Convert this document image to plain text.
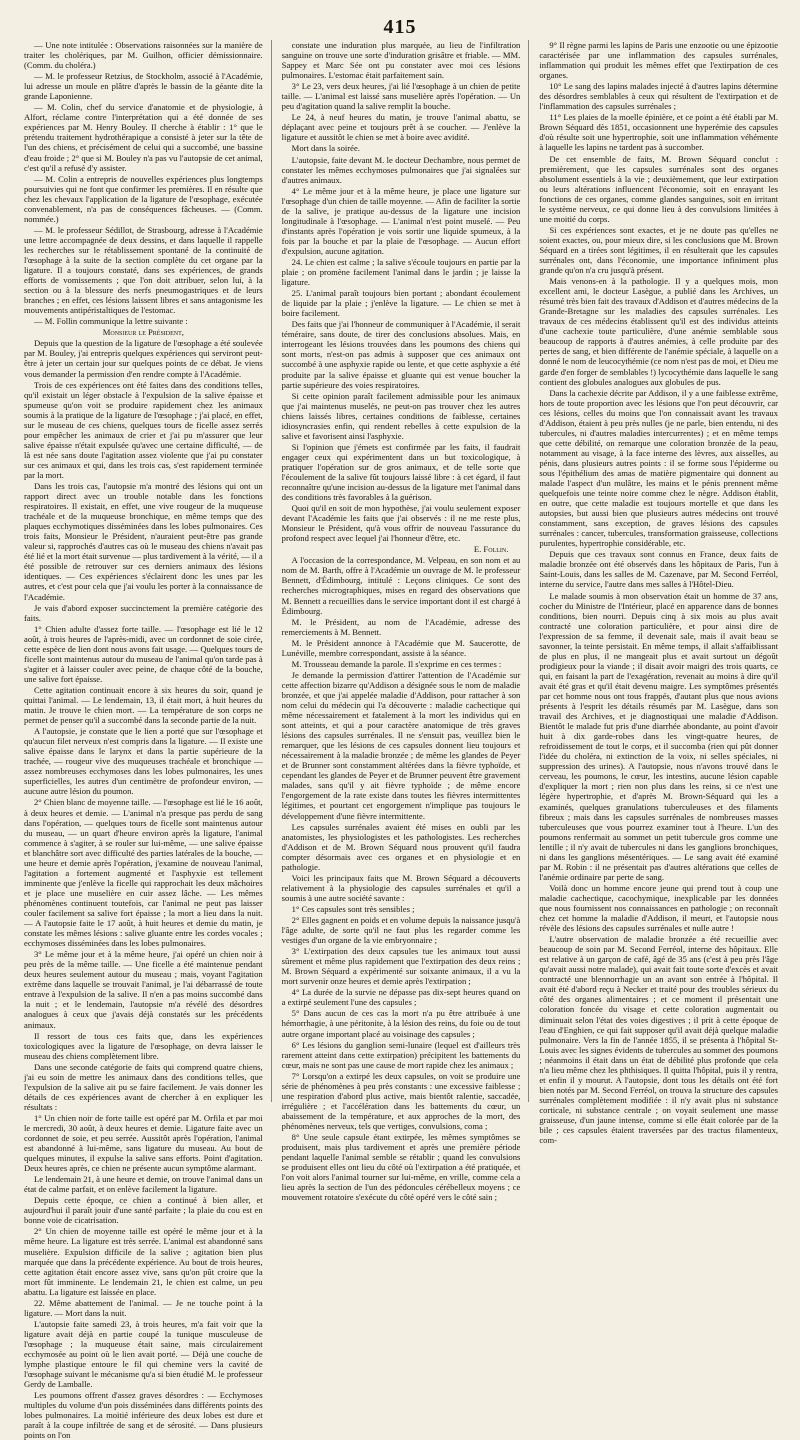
415

— Une note intitulée : Observations raisonnées sur la manière de traiter les cholériques, par M. Guilhon, officier démissionnaire. (Comm. du choléra.)

— M. le professeur Retzius, de Stockholm, associé à l'Académie, lui adresse un moule en plâtre d'après le bassin de la géante dite la grande Laponienne.

— M. Colin, chef du service d'anatomie et de physiologie, à Alfort, réclame contre l'interprétation qui a été donnée de ses expériences par M. Henry Bouley. Il cherche à établir : 1° que le prétendu traitement hydrothérapique a consisté à jeter sur la tête de l'un des chiens, et précisément de celui qui a succombé, une bassine d'eau froide ; 2° que si M. Bouley n'a pas vu l'autopsie de cet animal, c'est qu'il a refusé d'y assister.

— M. Colin a entrepris de nouvelles expériences plus longtemps poursuivies qui ne font que confirmer les premières. Il en résulte que chez les chevaux l'application de la ligature de l'œsophage, exécutée convenablement, n'a pas de conséquences fâcheuses. — (Comm. nommée.)

— M. le professeur Sédillot, de Strasbourg, adresse à l'Académie une lettre accompagnée de deux dessins, et dans laquelle il rappelle les recherches sur le rétablissement spontané de la continuité de l'œsophage à la suite de la section complète du cet organe par la ligature. Il a toujours constaté, dans ses expériences, de grands efforts de vomissements ; que l'on doit attribuer, selon lui, à la section ou à la blessure des nerfs pneumogastriques et de leurs branches ; en effet, ces lésions laissent libres et sans antagonisme les mouvements antipéristaltiques de l'estomac.

— M. Follin communique la lettre suivante :

Monsieur le Président,

Depuis que la question de la ligature de l'œsophage a été soulevée par M. Bouley, j'ai entrepris quelques expériences qui serviront peut-être à jeter un certain jour sur quelques points de ce débat. Je viens vous demander la permission d'en rendre compte à l'Académie.

Trois de ces expériences ont été faites dans des conditions telles, qu'il existait un léger obstacle à l'expulsion de la salive épaisse et spumeuse qu'on voit se produire rapidement chez les animaux soumis à la pratique de la ligature de l'œsophage ; j'ai placé, en effet, sur le museau de ces chiens, quelques tours de ficelle assez serrés pour empêcher les animaux de crier et j'ai pu m'assurer que leur salive épaisse n'était expulsée qu'avec une certaine difficulté, — de là est née sans doute l'agitation assez violente que j'ai pu constater sur ces animaux et qui, dans les trois cas, s'est rapidement terminée par la mort.

Dans les trois cas, l'autopsie m'a montré des lésions qui ont un rapport direct avec un trouble notable dans les fonctions respiratoires. Il existait, en effet, une vive rougeur de la muqueuse trachéale et de la muqueuse bronchique, en même temps que des plaques ecchymotiques disséminées dans les lobes pulmonaires. Ces trois faits, Monsieur le Président, n'auraient peut-être pas grande valeur si, rapprochés d'autres cas où le museau des chiens n'avait pas été lié et la mort était survenue — plus tardivement à la vérité, — il a été possible de retrouver sur ces derniers animaux des lésions identiques. — Ces expériences s'éclairent donc les unes par les autres, et c'est pour cela que j'ai voulu les porter à la connaissance de l'Académie.

Je vais d'abord exposer succinctement la première catégorie des faits.

1° Chien adulte d'assez forte taille. — l'œsophage est lié le 12 août, à trois heures de l'après-midi, avec un cordonnet de soie cirée, cette espèce de lien dont nous avons fait usage. — Quelques tours de ficelle sont maintenus autour du museau de l'animal qu'on tarde pas à s'agiter et à laisser couler avec peine, de chaque côté de la bouche, une salive fort épaisse.

Cette agitation continuait encore à six heures du soir, quand je quittai l'animal. — Le lendemain, 13, il était mort, à huit heures du matin. Je trouve le chien mort. — La température de son corps ne permet de penser qu'il a succombé dans la seconde partie de la nuit.

A l'autopsie, je constate que le lien a porté que sur l'œsophage et qu'aucun filet nerveux n'est compris dans la ligature. — Il existe une salive épaisse dans le larynx et dans la partie supérieure de la trachée, — rougeur vive des muqueuses trachéale et bronchique — assez nombreuses ecchymoses dans les lobes pulmonaires, les unes superficielles, les autres d'un centimètre de profondeur environ, — aucune autre lésion du poumon.

2° Chien blanc de moyenne taille. — l'œsophage est lié le 16 août, à deux heures et demie. — L'animal n'a presque pas perdu de sang dans l'opération, — quelques tours de ficelle sont maintenus autour du museau, — un quart d'heure environ après la ligature, l'animal commence à s'agiter, à se rouler sur lui-même, — une salive épaisse et blanchâtre sort avec difficulté des parties latérales de la bouche, — une heure et demie après l'opération, j'examine de nouveau l'animal, l'agitation a fortement augmenté et l'asphyxie est tellement imminente que j'enlève la ficelle qui rapprochait les deux mâchoires et je place une muselière en cuir assez lâche. — Les mêmes phénomènes continuent toutefois, car l'animal ne peut pas laisser couler facilement sa salive fort épaisse ; la mort a lieu dans la nuit. — A l'autopsie faite le 17 août, à huit heures et demie du matin, je constate les mêmes lésions : salive gluante entre les cordes vocales ; ecchymoses disséminées dans les lobes pulmonaires.

3° Le même jour et à la même heure, j'ai opéré un chien noir à peu près de la même taille. — Une ficelle a été maintenue pendant deux heures seulement autour du museau ; mais, voyant l'agitation extrême dans laquelle se trouvait l'animal, je l'ai débarrassé de toute entrave à l'expulsion de la salive. Il n'en a pas moins succombé dans la nuit ; et le lendemain, l'autopsie m'a révélé des désordres analogues à ceux que j'avais déjà constatés sur les précédents animaux.

Il ressort de tous ces faits que, dans les expériences toxicologiques avec la ligature de l'œsophage, on devra laisser le museau des chiens complètement libre.

Dans une seconde catégorie de faits qui comprend quatre chiens, j'ai eu soin de mettre les animaux dans des conditions telles, que l'expulsion de la salive ait pu se faire facilement. Je vais donner les détails de ces expériences avant de chercher à en expliquer les résultats :

1° Un chien noir de forte taille est opéré par M. Orfila et par moi le mercredi, 30 août, à deux heures et demie. Ligature faite avec un cordonnet de soie, et peu serrée. Aussitôt après l'opération, l'animal est abandonné à lui-même, sans ligature du museau. Au bout de quelques minutes, il expulse la salive sans efforts. Point d'agitation. Deux heures après, ce chien ne présente aucun symptôme alarmant.

Le lendemain 21, à une heure et demie, on trouve l'animal dans un état de calme parfait, et on enlève facilement la ligature.

Depuis cette époque, ce chien a continué à bien aller, et aujourd'hui il paraît jouir d'une santé parfaite ; la plaie du cou est en bonne voie de cicatrisation.

2° Un chien de moyenne taille est opéré le même jour et à la même heure. La ligature est très serrée. L'animal est abandonné sans muselière. Expulsion difficile de la salive ; agitation bien plus marquée que dans la précédente expérience. Au bout de trois heures, cette agitation était encore assez vive, sans qu'on pût croire que la mort fût imminente. Le lendemain 21, le chien est calme, un peu abattu. La ligature est laissée en place.

22. Même abattement de l'animal. — Je ne touche point à la ligature. — Mort dans la nuit.

L'autopsie faite samedi 23, à trois heures, m'a fait voir que la ligature avait déjà en partie coupé la tunique musculeuse de l'œsophage ; la muqueuse était saine, mais circulairement ecchymosée au point où le lien avait porté. — Déjà une couche de lymphe plastique entoure le fil qui chemine vers la cavité de l'œsophage suivant le mécanisme qu'a si bien étudié M. le professeur Gerdy de Lamballe.

Les poumons offrent d'assez graves désordres : — Ecchymoses multiples du volume d'un pois disséminées dans différents points des lobes pulmonaires. La moitié inférieure des deux lobes est dure et paraît à la coupe infiltrée de sang et de sérosité. — Dans plusieurs points on l'on

constate une induration plus marquée, au lieu de l'infiltration sanguine on trouve une sorte d'induration grisâtre et friable. — MM. Sappey et Marc Sée ont pu constater avec moi ces lésions pulmonaires. L'estomac était parfaitement sain.

3° Le 23, vers deux heures, j'ai lié l'œsophage à un chien de petite taille. — L'animal est laissé sans muselière après l'opération. — Un peu d'agitation quand la salive remplit la bouche.

Le 24, à neuf heures du matin, je trouve l'animal abattu, se déplaçant avec peine et toujours prêt à se coucher. — J'enlève la ligature et aussitôt le chien se met à boire avec avidité.

Mort dans la soirée.

L'autopsie, faite devant M. le docteur Dechambre, nous permet de constater les mêmes ecchymoses pulmonaires que j'ai signalées sur d'autres animaux.

4° Le même jour et à la même heure, je place une ligature sur l'œsophage d'un chien de taille moyenne. — Afin de faciliter la sortie de la salive, je pratique au-dessus de la ligature une incision longitudinale à l'œsophage. — L'animal n'est point muselé. — Peu d'instants après l'opération je vois sortir une liquide spumeux, à la fois par la bouche et par la plaie de l'œsophage. — Aucun effort d'expulsion, aucune agitation.

24. Le chien est calme ; la salive s'écoule toujours en partie par la plaie ; on promène facilement l'animal dans le jardin ; je laisse la ligature.

25. L'animal paraît toujours bien portant ; abondant écoulement de liquide par la plaie ; j'enlève la ligature. — Le chien se met à boire facilement.

Des faits que j'ai l'honneur de communiquer à l'Académie, il serait téméraire, sans doute, de tirer des conclusions absolues. Mais, en interrogeant les lésions trouvées dans les poumons des chiens qui sont morts, n'est-on pas admis à supposer que ces animaux ont succombé à une asphyxie rapide ou lente, et que cette asphyxie a été produite par la salive épaisse et gluante qui est venue boucher la partie supérieure des voies respiratoires.

Si cette opinion paraît facilement admissible pour les animaux que j'ai maintenus muselés, ne peut-on pas trouver chez les autres chiens laissés libres, certaines conditions de faiblesse, certaines idiosyncrasies enfin, qui rendent rebelles à cette expulsion de la salive et favorisent ainsi l'asphyxie.

Si l'opinion que j'émets est confirmée par les faits, il faudrait engager ceux qui expérimentent dans un but toxicologique, à pratiquer l'opération sur de gros animaux, et de telle sorte que l'écoulement de la salive fût toujours laissé libre : à cet égard, il faut reconnaître qu'une incision au-dessus de la ligature met l'animal dans des conditions très favorables à la guérison.

Quoi qu'il en soit de mon hypothèse, j'ai voulu seulement exposer devant l'Académie les faits que j'ai observés : il ne me reste plus, Monsieur le Président, qu'à vous offrir de nouveau l'assurance du profond respect avec lequel j'ai l'honneur d'être, etc.

E. Follin.

A l'occasion de la correspondance, M. Velpeau, en son nom et au nom de M. Barth, offre à l'Académie un ouvrage de M. le professeur Bennett, d'Édimbourg, intitulé : Leçons cliniques. Ce sont des recherches micrographiques, mises en regard des observations que M. Bennett a recueillies dans le service important dont il est chargé à Édimbourg.

M. le Président, au nom de l'Académie, adresse des remerciements à M. Bennett.

M. le Président annonce à l'Académie que M. Saucerotte, de Lunéville, membre correspondant, assiste à la séance.

M. Trousseau demande la parole. Il s'exprime en ces termes :

Je demande la permission d'attirer l'attention de l'Académie sur cette affection bizarre qu'Addison a désignée sous le nom de maladie bronzée, et que j'ai appelée maladie d'Addison, pour rattacher à son nom celui du médecin qui l'a découverte : maladie cachectique qui même nécessairement et fatalement à la mort les individus qui en sont atteints, et qui a pour caractère anatomique de très graves lésions des capsules surrénales. Il ne s'ensuit pas, veuillez bien le remarquer, que les lésions de ces capsules donnent lieu toujours et nécessairement à la maladie bronzée ; de même les glandes de Peyer et de Brunner sont constamment altérées dans la fièvre typhoïde, et cependant les glandes de Peyer et de Brunner peuvent être gravement malades, sans qu'il y ait fièvre typhoïde ; de même encore l'engorgement de la rate existe dans toutes les fièvres intermittentes légitimes, et pourtant cet engorgement n'implique pas toujours le développement d'une fièvre intermittente.

Les capsules surrénales avaient été mises en oubli par les anatomistes, les physiologistes et les pathologistes. Les recherches d'Addison et de M. Brown Séquard nous prouvent qu'il faudra compter désormais avec ces organes et en physiologie et en pathologie.

Voici les principaux faits que M. Brown Séquard a découverts relativement à la physiologie des capsules surrénales et qu'il a soumis à une autre société savante :

1° Ces capsules sont très sensibles ;

2° Elles gagnent en poids et en volume depuis la naissance jusqu'à l'âge adulte, de sorte qu'il ne faut plus les regarder comme les vestiges d'un organe de la vie embryonnaire ;

3° L'extirpation des deux capsules tue les animaux tout aussi sûrement et même plus rapidement que l'extirpation des deux reins ; M. Brown Séquard a expérimenté sur soixante animaux, il a vu la mort survenir onze heures et demie après l'extirpation ;

4° La durée de la survie ne dépasse pas dix-sept heures quand on a extirpé seulement l'une des capsules ;

5° Dans aucun de ces cas la mort n'a pu être attribuée à une hémorrhagie, à une péritonite, à la lésion des reins, du foie ou de tout autre organe important placé au voisinage des capsules ;

6° Les lésions du ganglion semi-lunaire (lequel est d'ailleurs très rarement atteint dans cette extirpation) précipitent les battements du cœur, mais ne sont pas une cause de mort rapide chez les animaux ;

7° Lorsqu'on a extirpé les deux capsules, on voit se produire une série de phénomènes à peu près constants : une excessive faiblesse ; une respiration d'abord plus active, mais bientôt ralentie, saccadée, irrégulière ; et l'accélération dans les battements du cœur, un abaissement de la température, et aux approches de la mort, des phénomènes nerveux, tels que vertiges, convulsions, coma ;

8° Une seule capsule étant extirpée, les mêmes symptômes se produisent, mais plus tardivement et après une première période pendant laquelle l'animal semble se rétablir ; quand les convulsions se produisent elles ont lieu du côté où l'extirpation a été pratiquée, et l'on voit alors l'animal tourner sur lui-même, en vrille, comme cela a lieu après la section de l'un des pédoncules cérébelleux moyens ; ce mouvement rotatoire s'exécute du côté opéré vers le côté sain ;

9° Il règne parmi les lapins de Paris une enzootie ou une épizootie caractérisée par une inflammation des capsules surrénales, inflammation qui produit les mêmes effet que l'extirpation de ces organes.

10° Le sang des lapins malades injecté à d'autres lapins détermine des désordres semblables à ceux qui résultent de l'extirpation et de l'inflammation des capsules surrénales ;

11° Les plaies de la moelle épinière, et ce point a été établi par M. Brown Séquard dès 1851, occasionnent une hyperémie des capsules d'où résulte soit une hypertrophie, soit une inflammation véhémente à laquelle les lapins ne tardent pas à succomber.

De cet ensemble de faits, M. Brown Séquard conclut : premièrement, que les capsules surrénales sont des organes absolument essentiels à la vie ; deuxièmement, que leur extirpation ou leurs altérations influencent l'économie, soit en enrayant les fonctions de ces organes, comme glandes sanguines, soit en irritant le système nerveux, ce qui donne lieu à des convulsions limitées à une moitié du corps.

Si ces expériences sont exactes, et je ne doute pas qu'elles ne soient exactes, ou, pour mieux dire, si les conclusions que M. Brown Séquard en a tirées sont légitimes, il en résulterait que les capsules surrénales ont, dans l'économie, une importance infiniment plus grande qu'on n'a cru jusqu'à présent.

Mais venons-en à la pathologie. Il y a quelques mois, mon excellent ami, le docteur Lasègue, a publié dans les Archives, un résumé très bien fait des travaux d'Addison et d'autres médecins de la Grande-Bretagne sur les maladies des capsules surrénales. Les travaux de ces médecins établissent qu'il est des individus atteints d'une cachexie toute particulière, d'une anémie semblable sous beaucoup de rapports à d'autres anémies, à celle produite par des pertes de sang, et bien différente de l'anémie spéciale, à laquelle on a donné le nom de leucocythémie (ce nom n'est pas de moi, et Dieu me garde d'en forger de semblables !) lycocythémie dans laquelle le sang contient des globules analogues aux globules de pus.

Dans la cachexie décrite par Addison, il y a une faiblesse extrême, hors de toute proportion avec les lésions que l'on peut découvrir, car ces lésions, celles du moins que l'on connaissait avant les travaux d'Addison, étaient à peu près nulles (je ne parle, bien entendu, ni des tubercules, ni d'autres maladies intercurrentes) ; et en même temps que cette débilité, on remarque une coloration bronzée de la peau, notamment au visage, à la face interne des lèvres, aux aisselles, au pénis, dans plusieurs autres points : il se forme sous l'épiderme ou sous l'épithélium des amas de matière pigmentaire qui donnent au malade l'aspect d'un mulâtre, les mains et le pénis prennent même quelquefois une teinte noire comme chez le nègre. Addison établit, en outre, que cette maladie est toujours mortelle et que dans les autopsies, but aussi bien que plusieurs autres médecins ont trouvé constamment, sans exception, de graves lésions des capsules surrénales : cancer, tubercules, transformation graisseuse, collections purulentes, hypertrophie considérable, etc.

Depuis que ces travaux sont connus en France, deux faits de maladie bronzée ont été observés dans les hôpitaux de Paris, l'un à Saint-Louis, dans les salles de M. Cazenave, par M. Second Ferréol, interne du service, l'autre dans mes salles à l'Hôtel-Dieu.

Le malade soumis à mon observation était un homme de 37 ans, cocher du Ministre de l'Intérieur, placé en apparence dans de bonnes conditions, bien nourri. Depuis cinq à six mois au plus avait contracté une coloration particulière, et pour ainsi dire de l'expression de sa femme, il devenait sale, mais il avait beau se savonner, la teinte persistait. En même temps, il allait s'affaiblissant de plus en plus, il ne mangeait plus et avait surtout un dégoût prodigieux pour la viande ; il disait avoir maigri des trois quarts, ce qui, en faisant la part de l'exagération, revenait au moins à dire qu'il avait été gras et qu'il était devenu maigre. Les symptômes présentés par cet homme nous ont tous frappés, d'autant plus que nous avions présents à l'esprit les détails résumés par M. Lasègue, dans son travail des Archives, et je diagnostiquai une maladie d'Addison. Bientôt le malade fut pris d'une diarrhée abondante, au point d'avoir huit à dix garde-robes dans les vingt-quatre heures, de refroidissement de tout le corps, et il succomba (rien qui pût donner l'idée du choléra, ni extinction de la voix, ni selles spéciales, ni suppression des urines). A l'autopsie, nous n'avons trouvé dans le cerveau, les poumons, le cœur, les intestins, aucune lésion capable d'expliquer la mort ; rien non plus dans les reins, si ce n'est une légère hypertrophie, et d'après M. Brown-Séquard qui les a examinés, quelques granulations tuberculeuses et des filaments fibreux ; mais dans les capsules surrénales de nombreuses masses tuberculeuses que vous pourrez examiner tout à l'heure. L'un des poumons renfermait au sommet un petit tubercule gros comme une lentille ; il n'y avait de tubercules ni dans les ganglions bronchiques, ni dans les ganglions mésentériques. — Le sang avait été examiné par M. Robin : il ne présentait pas d'autres altérations que celles de l'anémie ordinaire par perte de sang.

Voilà donc un homme encore jeune qui prend tout à coup une maladie cachectique, cacochymique, inexplicable par les données que nous fournissent nos connaissances en pathologie ; on reconnaît chez cet homme la maladie d'Addison, il meurt, et l'autopsie nous révèle des lésions des capsules surrénales et nulle autre !

L'autre observation de maladie bronzée a été recueillie avec beaucoup de soin par M. Second Ferréol, interne des hôpitaux. Elle est relative à un garçon de café, âgé de 35 ans (c'est à peu près l'âge qu'avait aussi notre malade), qui avait fait toute sorte d'excès et avait contracté une blennorrhagie un an avant son entrée à l'hôpital. Il avait été d'abord reçu à Necker et traité pour des troubles sérieux du côté des organes alimentaires ; et ce moment il présentait une coloration foncée du visage et cette coloration augmentait ou diminuait selon l'état des voies digestives ; il prit à cette époque de l'eau d'Enghien, ce qui fait supposer qu'il avait déjà quelque maladie pulmonaire. Vers la fin de l'année 1855, il se présenta à l'hôpital St-Louis avec les signes évidents de tubercules au sommet des poumons ; néanmoins il était dans un état de débilité plus profonde que cela n'a lieu même chez les phthisiques. Il quitta l'hôpital, puis il y rentra, et enfin il y mourut. A l'autopsie, dont tous les détails ont été fort bien notés par M. Second Ferréol, on trouva la structure des capsules surrénales complètement modifiée : il n'y avait plus ni substance corticale, ni substance centrale ; on voyait seulement une masse graisseuse, d'un jaune intense, comme si elle était colorée par de la bile ; ces capsules étaient traversées par des tractus filamenteux, com-
